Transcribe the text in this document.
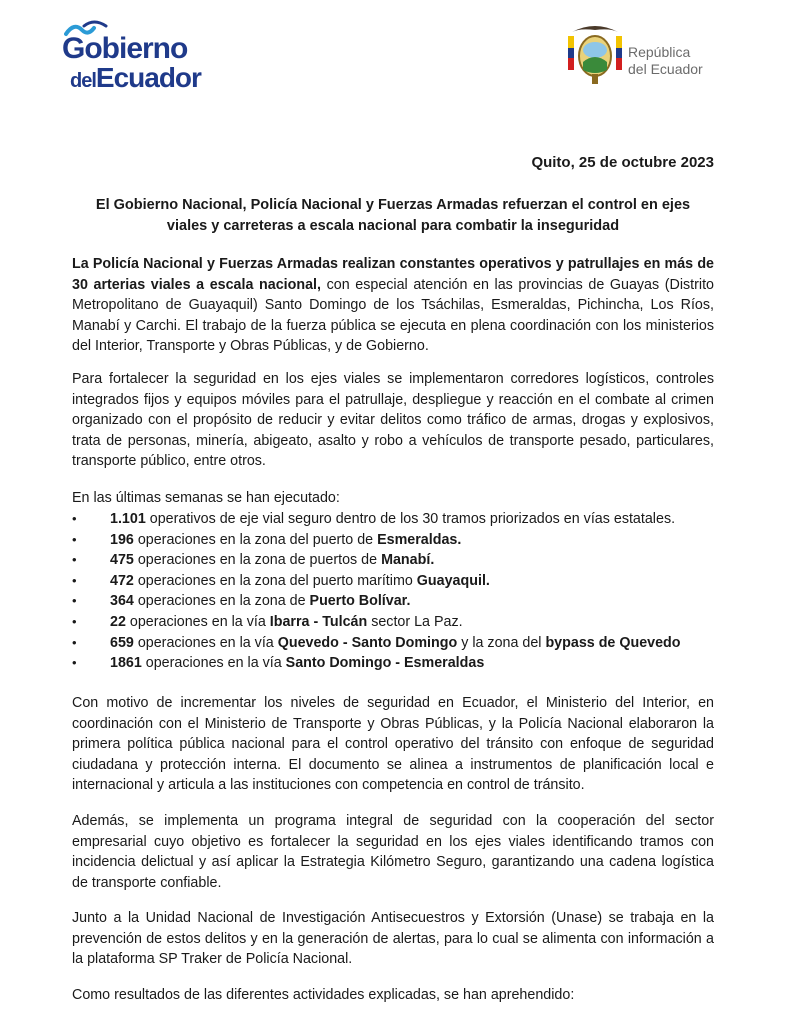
Gobierno
delEcuador
República
del Ecuador
Quito, 25 de octubre 2023
El Gobierno Nacional, Policía Nacional y Fuerzas Armadas refuerzan el control en ejes viales y carreteras a escala nacional para combatir la inseguridad
La Policía Nacional y Fuerzas Armadas realizan constantes operativos y patrullajes en más de 30 arterias viales a escala nacional, con especial atención en las provincias de Guayas (Distrito Metropolitano de Guayaquil) Santo Domingo de los Tsáchilas, Esmeraldas, Pichincha, Los Ríos, Manabí y Carchi. El trabajo de la fuerza pública se ejecuta en plena coordinación con los ministerios del Interior, Transporte y Obras Públicas, y de Gobierno.
Para fortalecer la seguridad en los ejes viales se implementaron corredores logísticos, controles integrados fijos y equipos móviles para el patrullaje, despliegue y reacción en el combate al crimen organizado con el propósito de reducir y evitar delitos como tráfico de armas, drogas y explosivos, trata de personas, minería, abigeato, asalto y robo a vehículos de transporte pesado, particulares, transporte público, entre otros.
En las últimas semanas se han ejecutado:
• 1.101 operativos de eje vial seguro dentro de los 30 tramos priorizados en vías estatales.
• 196 operaciones en la zona del puerto de Esmeraldas.
• 475 operaciones en la zona de puertos de Manabí.
• 472 operaciones en la zona del puerto marítimo Guayaquil.
• 364 operaciones en la zona de Puerto Bolívar.
• 22 operaciones en la vía Ibarra - Tulcán sector La Paz.
• 659 operaciones en la vía Quevedo - Santo Domingo y la zona del bypass de Quevedo
• 1861 operaciones en la vía Santo Domingo - Esmeraldas
Con motivo de incrementar los niveles de seguridad en Ecuador, el Ministerio del Interior, en coordinación con el Ministerio de Transporte y Obras Públicas, y la Policía Nacional elaboraron la primera política pública nacional para el control operativo del tránsito con enfoque de seguridad ciudadana y protección interna. El documento se alinea a instrumentos de planificación local e internacional y articula a las instituciones con competencia en control de tránsito.
Además, se implementa un programa integral de seguridad con la cooperación del sector empresarial cuyo objetivo es fortalecer la seguridad en los ejes viales identificando tramos con incidencia delictual y así aplicar la Estrategia Kilómetro Seguro, garantizando una cadena logística de transporte confiable.
Junto a la Unidad Nacional de Investigación Antisecuestros y Extorsión (Unase) se trabaja en la prevención de estos delitos y en la generación de alertas, para lo cual se alimenta con información a la plataforma SP Traker de Policía Nacional.
Como resultados de las diferentes actividades explicadas, se han aprehendido:
